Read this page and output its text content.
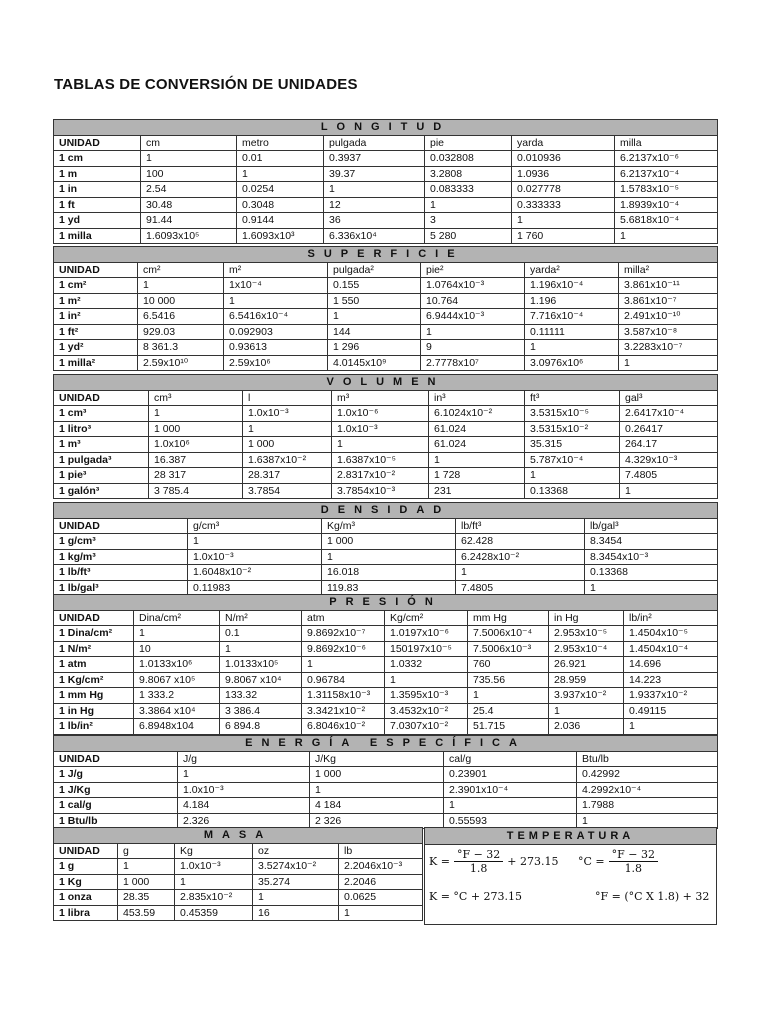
TABLAS DE CONVERSIÓN DE UNIDADES
LONGITUD						
UNIDAD	cm	metro	pulgada	pie	yarda	milla
1 cm	1	0.01	0.3937	0.032808	0.010936	6.2137x10⁻⁶
1 m	100	1	39.37	3.2808	1.0936	6.2137x10⁻⁴
1 in	2.54	0.0254	1	0.083333	0.027778	1.5783x10⁻⁵
1 ft	30.48	0.3048	12	1	0.333333	1.8939x10⁻⁴
1 yd	91.44	0.9144	36	3	1	5.6818x10⁻⁴
1 milla	1.6093x10⁵	1.6093x10³	6.336x10⁴	5 280	1 760	1
SUPERFICIE						
UNIDAD	cm²	m²	pulgada²	pie²	yarda²	milla²
1 cm²	1	1x10⁻⁴	0.155	1.0764x10⁻³	1.196x10⁻⁴	3.861x10⁻¹¹
1 m²	10 000	1	1 550	10.764	1.196	3.861x10⁻⁷
1 in²	6.5416	6.5416x10⁻⁴	1	6.9444x10⁻³	7.716x10⁻⁴	2.491x10⁻¹⁰
1 ft²	929.03	0.092903	144	1	0.11111	3.587x10⁻⁸
1 yd²	8 361.3	0.93613	1 296	9	1	3.2283x10⁻⁷
1 milla²	2.59x10¹⁰	2.59x10⁶	4.0145x10⁹	2.7778x10⁷	3.0976x10⁶	1
VOLUMEN						
UNIDAD	cm³	l	m³	in³	ft³	gal³
1 cm³	1	1.0x10⁻³	1.0x10⁻⁶	6.1024x10⁻²	3.5315x10⁻⁵	2.6417x10⁻⁴
1 litro³	1 000	1	1.0x10⁻³	61.024	3.5315x10⁻²	0.26417
1 m³	1.0x10⁶	1 000	1	61.024	35.315	264.17
1 pulgada³	16.387	1.6387x10⁻²	1.6387x10⁻⁵	1	5.787x10⁻⁴	4.329x10⁻³
1 pie³	28 317	28.317	2.8317x10⁻²	1 728	1	7.4805
1 galón³	3 785.4	3.7854	3.7854x10⁻³	231	0.13368	1
DENSIDAD				
UNIDAD	g/cm³	Kg/m³	lb/ft³	lb/gal³
1 g/cm³	1	1 000	62.428	8.3454
1 kg/m³	1.0x10⁻³	1	6.2428x10⁻²	8.3454x10⁻³
1 lb/ft³	1.6048x10⁻²	16.018	1	0.13368
1 lb/gal³	0.11983	119.83	7.4805	1
PRESIÓN							
UNIDAD	Dina/cm²	N/m²	atm	Kg/cm²	mm Hg	in Hg	lb/in²
1 Dina/cm²	1	0.1	9.8692x10⁻⁷	1.0197x10⁻⁶	7.5006x10⁻⁴	2.953x10⁻⁵	1.4504x10⁻⁵
1 N/m²	10	1	9.8692x10⁻⁶	150197x10⁻⁵	7.5006x10⁻³	2.953x10⁻⁴	1.4504x10⁻⁴
1 atm	1.0133x10⁶	1.0133x10⁵	1	1.0332	760	26.921	14.696
1 Kg/cm²	9.8067 x10⁵	9.8067 x10⁴	0.96784	1	735.56	28.959	14.223
1 mm Hg	1 333.2	133.32	1.31158x10⁻³	1.3595x10⁻³	1	3.937x10⁻²	1.9337x10⁻²
1 in Hg	3.3864 x10⁴	3 386.4	3.3421x10⁻²	3.4532x10⁻²	25.4	1	0.49115
1 lb/in²	6.8948x104	6 894.8	6.8046x10⁻²	7.0307x10⁻²	51.715	2.036	1
ENERGÍA ESPECÍFICA				
UNIDAD	J/g	J/Kg	cal/g	Btu/lb
1 J/g	1	1 000	0.23901	0.42992
1 J/Kg	1.0x10⁻³	1	2.3901x10⁻⁴	4.2992x10⁻⁴
1 cal/g	4.184	4 184	1	1.7988
1 Btu/lb	2.326	2 326	0.55593	1
MASA				
UNIDAD	g	Kg	oz	lb
1 g	1	1.0x10⁻³	3.5274x10⁻²	2.2046x10⁻³
1 Kg	1 000	1	35.274	2.2046
1 onza	28.35	2.835x10⁻²	1	0.0625
1 libra	453.59	0.45359	16	1
TEMPERATURA
$K = \frac{^\circ F - 32}{1.8} + 273.15$ $^\circ C = \frac{^\circ F - 32}{1.8}$
K = °C + 273.15	°F = (°C X 1.8) + 32
